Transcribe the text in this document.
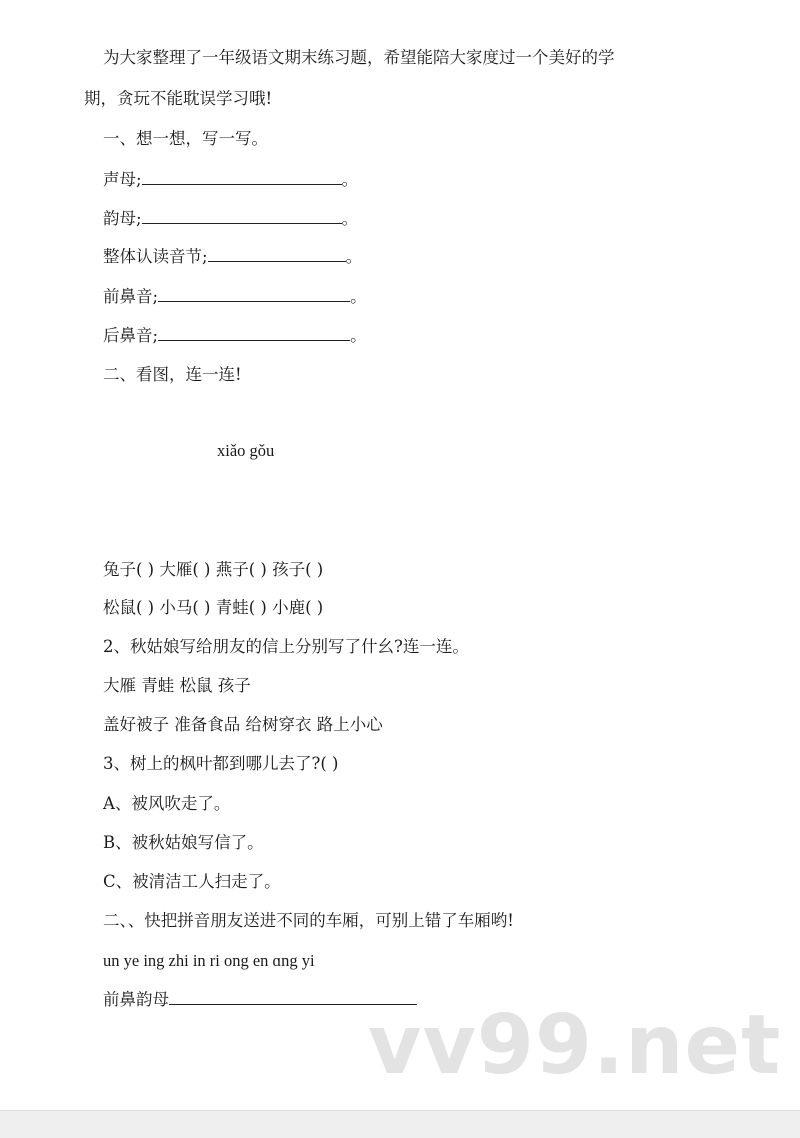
为大家整理了一年级语文期末练习题，希望能陪大家度过一个美好的学
期，贪玩不能耽误学习哦!
一、想一想，写一写。
声母;	。
韵母;	。
整体认读音节;	。
前鼻音;	。
后鼻音;	。
二、看图，连一连!
xiǎo gǒu
兔子( ) 大雁( ) 燕子( ) 孩子( )
松鼠( ) 小马( ) 青蛙( ) 小鹿( )
2、秋姑娘写给朋友的信上分别写了什幺?连一连。
大雁 青蛙 松鼠 孩子
盖好被子 准备食品 给树穿衣 路上小心
3、树上的枫叶都到哪儿去了?( )
A、被风吹走了。
B、被秋姑娘写信了。
C、被清洁工人扫走了。
二、、快把拼音朋友送进不同的车厢，可别上错了车厢哟!
un ye ing zhi in ri ong en ɑng yi
前鼻韵母	vv99.net
